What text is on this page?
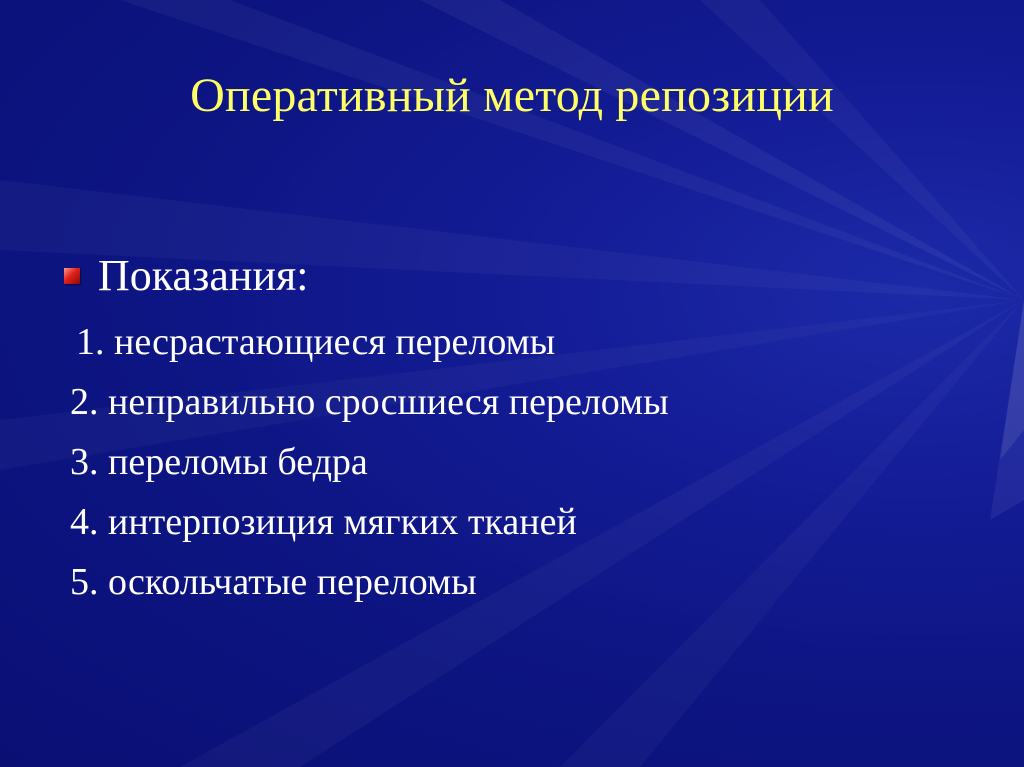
Оперативный метод репозиции
Показания:
1. несрастающиеся переломы
2. неправильно сросшиеся переломы
3. переломы бедра
4. интерпозиция мягких тканей
5. оскольчатые переломы
